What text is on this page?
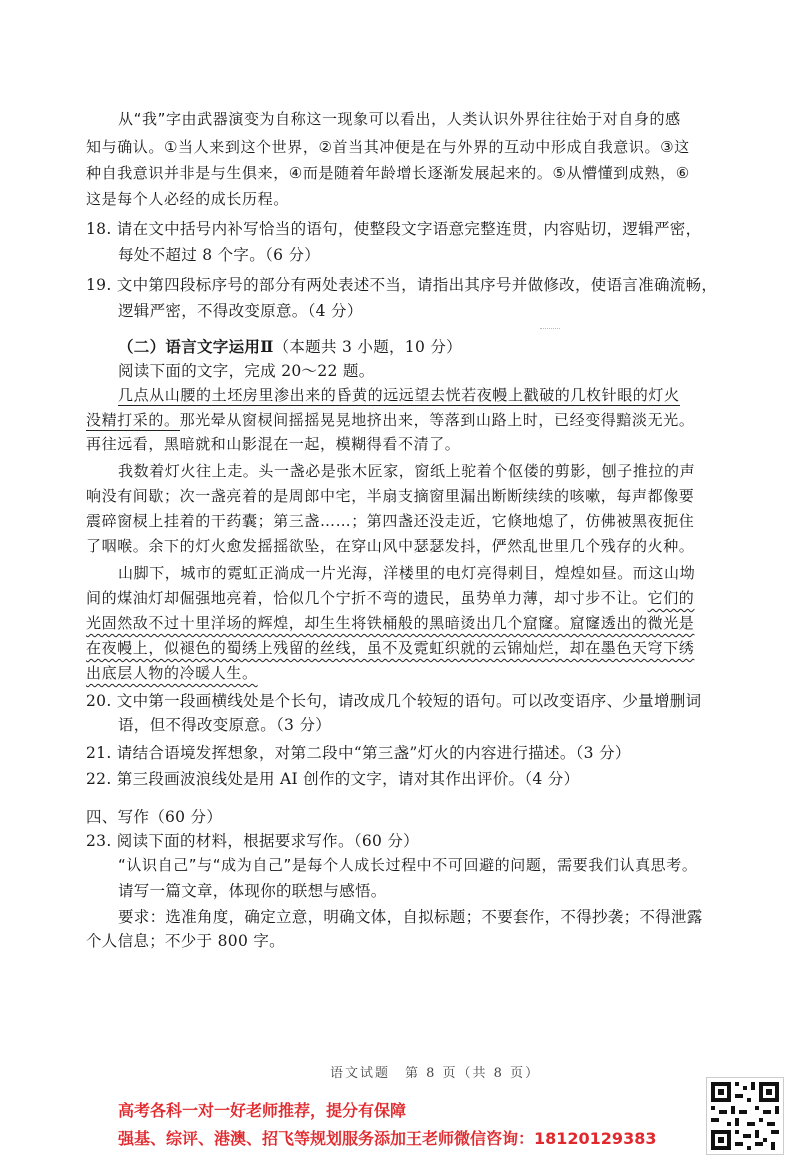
从“我”字由武器演变为自称这一现象可以看出，人类认识外界往往始于对自身的感
知与确认。①当人来到这个世界，②首当其冲便是在与外界的互动中形成自我意识。③这
种自我意识并非是与生俱来，④而是随着年龄增长逐渐发展起来的。⑤从懵懂到成熟，⑥
这是每个人必经的成长历程。
18. 请在文中括号内补写恰当的语句，使整段文字语意完整连贯，内容贴切，逻辑严密，
每处不超过 8 个字。（6 分）
19. 文中第四段标序号的部分有两处表述不当，请指出其序号并做修改，使语言准确流畅，
逻辑严密，不得改变原意。（4 分）
（二）语言文字运用Ⅱ（本题共 3 小题，10 分）
阅读下面的文字，完成 20～22 题。
几点从山腰的土坯房里渗出来的昏黄的远远望去恍若夜幔上戳破的几枚针眼的灯火
没精打采的。那光晕从窗棂间摇摇晃晃地挤出来，等落到山路上时，已经变得黯淡无光。
再往远看，黑暗就和山影混在一起，模糊得看不清了。
我数着灯火往上走。头一盏必是张木匠家，窗纸上驼着个伛偻的剪影，刨子推拉的声
响没有间歇；次一盏亮着的是周郎中宅，半扇支摘窗里漏出断断续续的咳嗽，每声都像要
震碎窗棂上挂着的干药囊；第三盏……；第四盏还没走近，它倏地熄了，仿佛被黑夜扼住
了咽喉。余下的灯火愈发摇摇欲坠，在穿山风中瑟瑟发抖，俨然乱世里几个残存的火种。
山脚下，城市的霓虹正淌成一片光海，洋楼里的电灯亮得刺目，煌煌如昼。而这山坳
间的煤油灯却倔强地亮着，恰似几个宁折不弯的遗民，虽势单力薄，却寸步不让。它们的
光固然敌不过十里洋场的辉煌，却生生将铁桶般的黑暗烫出几个窟窿。窟窿透出的微光是
在夜幔上，似褪色的蜀绣上残留的丝线，虽不及霓虹织就的云锦灿烂，却在墨色天穹下绣
出底层人物的冷暖人生。
20. 文中第一段画横线处是个长句，请改成几个较短的语句。可以改变语序、少量增删词
语，但不得改变原意。（3 分）
21. 请结合语境发挥想象，对第二段中“第三盏”灯火的内容进行描述。（3 分）
22. 第三段画波浪线处是用 AI 创作的文字，请对其作出评价。（4 分）
四、写作（60 分）
23. 阅读下面的材料，根据要求写作。（60 分）
“认识自己”与“成为自己”是每个人成长过程中不可回避的问题，需要我们认真思考。
请写一篇文章，体现你的联想与感悟。
要求：选准角度，确定立意，明确文体，自拟标题；不要套作，不得抄袭；不得泄露
个人信息；不少于 800 字。
语文试题　第 8 页（共 8 页）
高考各科一对一好老师推荐，提分有保障
强基、综评、港澳、招飞等规划服务添加王老师微信咨询：18120129383
